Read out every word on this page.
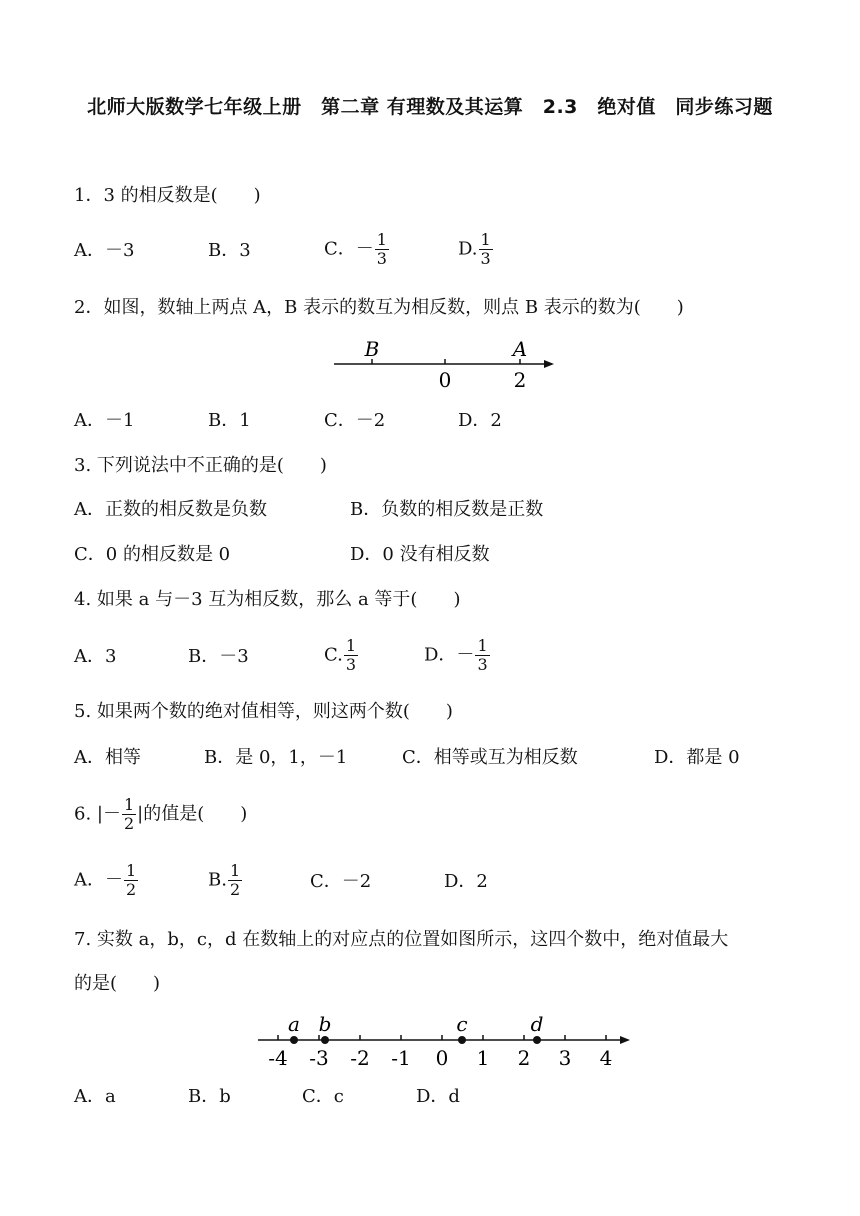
北师大版数学七年级上册　第二章 有理数及其运算　2.3　绝对值　同步练习题
1．3 的相反数是(　　)
A．－3	B．3	C．－ $\frac{1}{3}$	D. $\frac{1}{3}$
2．如图，数轴上两点 A，B 表示的数互为相反数，则点 B 表示的数为(　　)
B	A
0	2
A．－1	B．1	C．－2	D．2
3. 下列说法中不正确的是(　　)
A．正数的相反数是负数	B．负数的相反数是正数
C．0 的相反数是 0	D．0 没有相反数
4. 如果 a 与－3 互为相反数，那么 a 等于(　　)
A．3	B．－3	C. $\frac{1}{3}$	D．－ $\frac{1}{3}$
5. 如果两个数的绝对值相等，则这两个数(　　)
A．相等	B．是 0，1，－1	C．相等或互为相反数	D．都是 0
6. |－ $\frac{1}{2}$ |的值是(　　)
A．－ $\frac{1}{2}$	B. $\frac{1}{2}$	C．－2	D．2
7. 实数 a，b，c，d 在数轴上的对应点的位置如图所示，这四个数中，绝对值最大
的是(　　)
-4 -3 -2 -1 0 1 2 3 4
a b	c	d
A．a	B．b	C．c	D．d
